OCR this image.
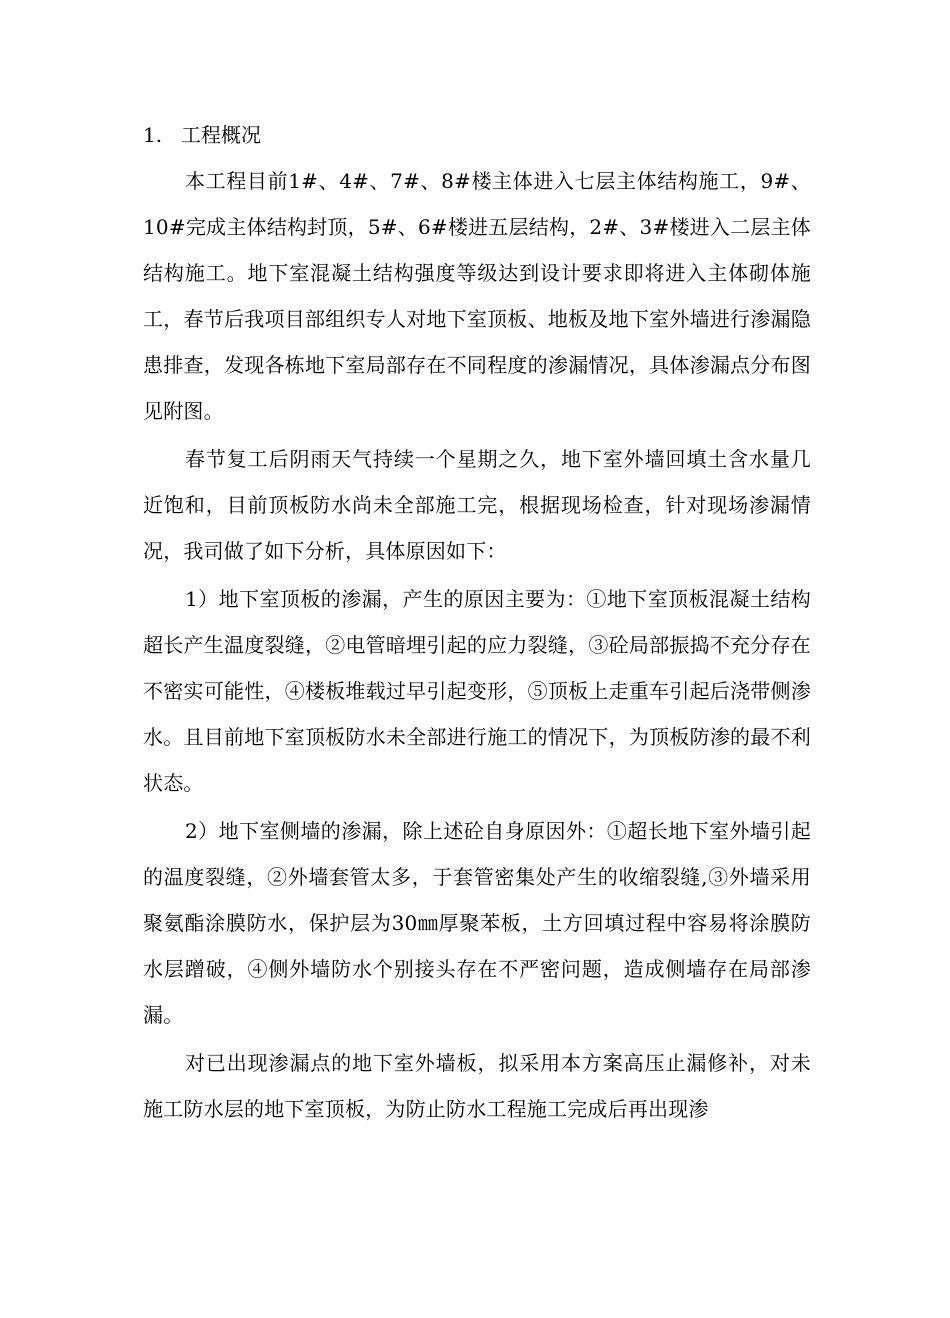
1. 工程概况

本工程目前1#、4#、7#、8#楼主体进入七层主体结构施工，9#、10#完成主体结构封顶，5#、6#楼进五层结构，2#、3#楼进入二层主体结构施工。地下室混凝土结构强度等级达到设计要求即将进入主体砌体施工，春节后我项目部组织专人对地下室顶板、地板及地下室外墙进行渗漏隐患排查，发现各栋地下室局部存在不同程度的渗漏情况，具体渗漏点分布图见附图。

春节复工后阴雨天气持续一个星期之久，地下室外墙回填土含水量几近饱和，目前顶板防水尚未全部施工完，根据现场检查，针对现场渗漏情况，我司做了如下分析，具体原因如下：

1）地下室顶板的渗漏，产生的原因主要为：①地下室顶板混凝土结构超长产生温度裂缝，②电管暗埋引起的应力裂缝，③砼局部振捣不充分存在不密实可能性，④楼板堆载过早引起变形，⑤顶板上走重车引起后浇带侧渗水。且目前地下室顶板防水未全部进行施工的情况下，为顶板防渗的最不利状态。

2）地下室侧墙的渗漏，除上述砼自身原因外：①超长地下室外墙引起的温度裂缝，②外墙套管太多，于套管密集处产生的收缩裂缝,③外墙采用聚氨酯涂膜防水，保护层为30㎜厚聚苯板，土方回填过程中容易将涂膜防水层蹭破，④侧外墙防水个别接头存在不严密问题，造成侧墙存在局部渗漏。

对已出现渗漏点的地下室外墙板，拟采用本方案高压止漏修补，对未施工防水层的地下室顶板，为防止防水工程施工完成后再出现渗
